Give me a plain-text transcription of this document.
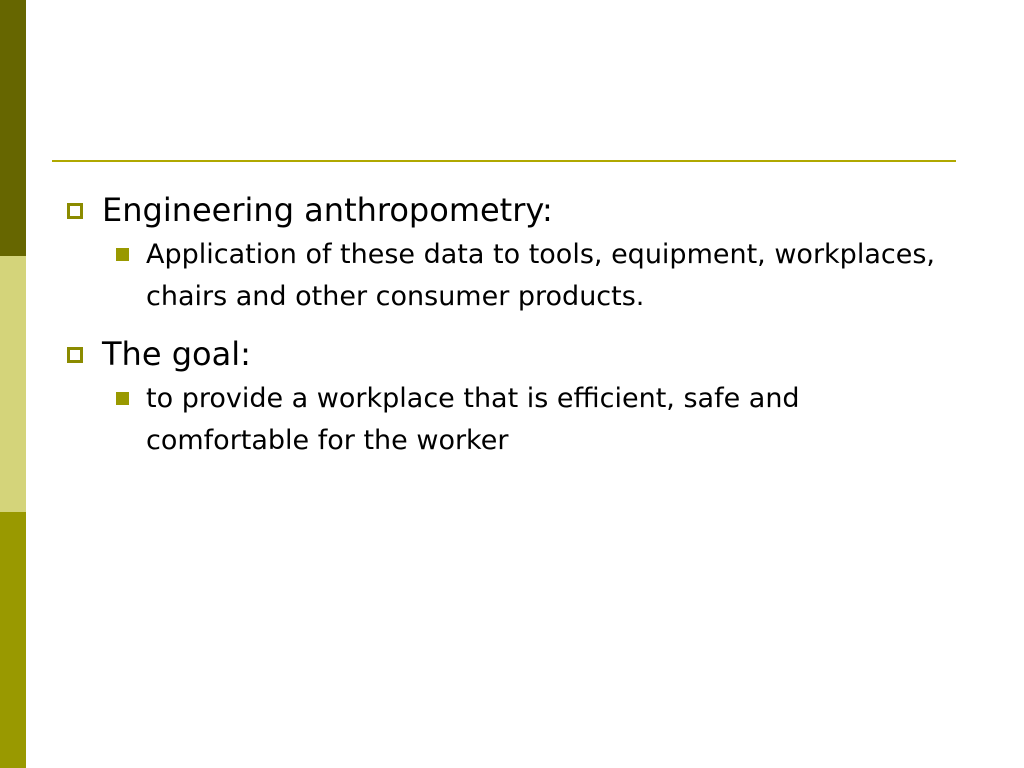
Engineering anthropometry:
Application of these data to tools, equipment, workplaces, chairs and other consumer products.
The goal:
to provide a workplace that is efficient, safe and comfortable for the worker
